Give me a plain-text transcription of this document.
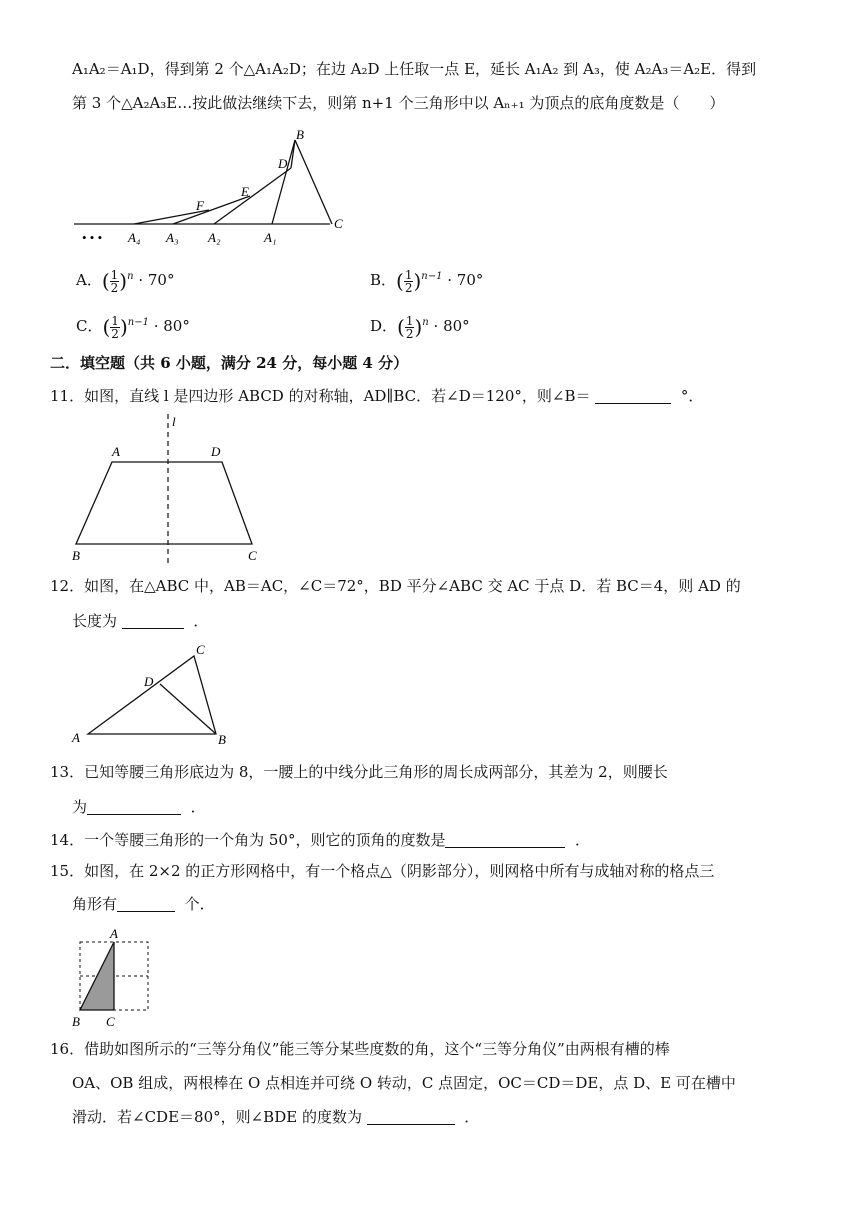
A₁A₂＝A₁D，得到第 2 个△A₁A₂D；在边 A₂D 上任取一点 E，延长 A₁A₂ 到 A₃，使 A₂A₃＝A₂E．得到
第 3 个△A₂A₃E…按此做法继续下去，则第 n+1 个三角形中以 Aₙ₊₁ 为顶点的底角度数是（　　）
B
D
E
F
C
• • • A₄ A₃ A₂	A₁
A．( $\frac{1}{2} )^n \cdot 70^\circ$	B．( $\frac{1}{2} )^{n-1} \cdot 70^\circ$
C．( $\frac{1}{2} )^{n-1} \cdot 80^\circ$	D．( $\frac{1}{2} )^n \cdot 80^\circ$
二．填空题（共 6 小题，满分 24 分，每小题 4 分）
11．如图，直线 l 是四边形 ABCD 的对称轴，AD∥BC．若∠D＝120°，则∠B＝	°．
l
A	D
B	C
12．如图，在△ABC 中，AB＝AC，∠C＝72°，BD 平分∠ABC 交 AC 于点 D．若 BC＝4，则 AD 的
长度为	．
C
D
A	B
13．已知等腰三角形底边为 8，一腰上的中线分此三角形的周长成两部分，其差为 2，则腰长
为	．
14．一个等腰三角形的一个角为 50°，则它的顶角的度数是	．
15．如图，在 2×2 的正方形网格中，有一个格点△（阴影部分），则网格中所有与成轴对称的格点三
角形有	个．
A
B C
16．借助如图所示的“三等分角仪”能三等分某些度数的角，这个“三等分角仪”由两根有槽的棒
OA、OB 组成，两根棒在 O 点相连并可绕 O 转动，C 点固定，OC＝CD＝DE，点 D、E 可在槽中
滑动．若∠CDE＝80°，则∠BDE 的度数为	．
